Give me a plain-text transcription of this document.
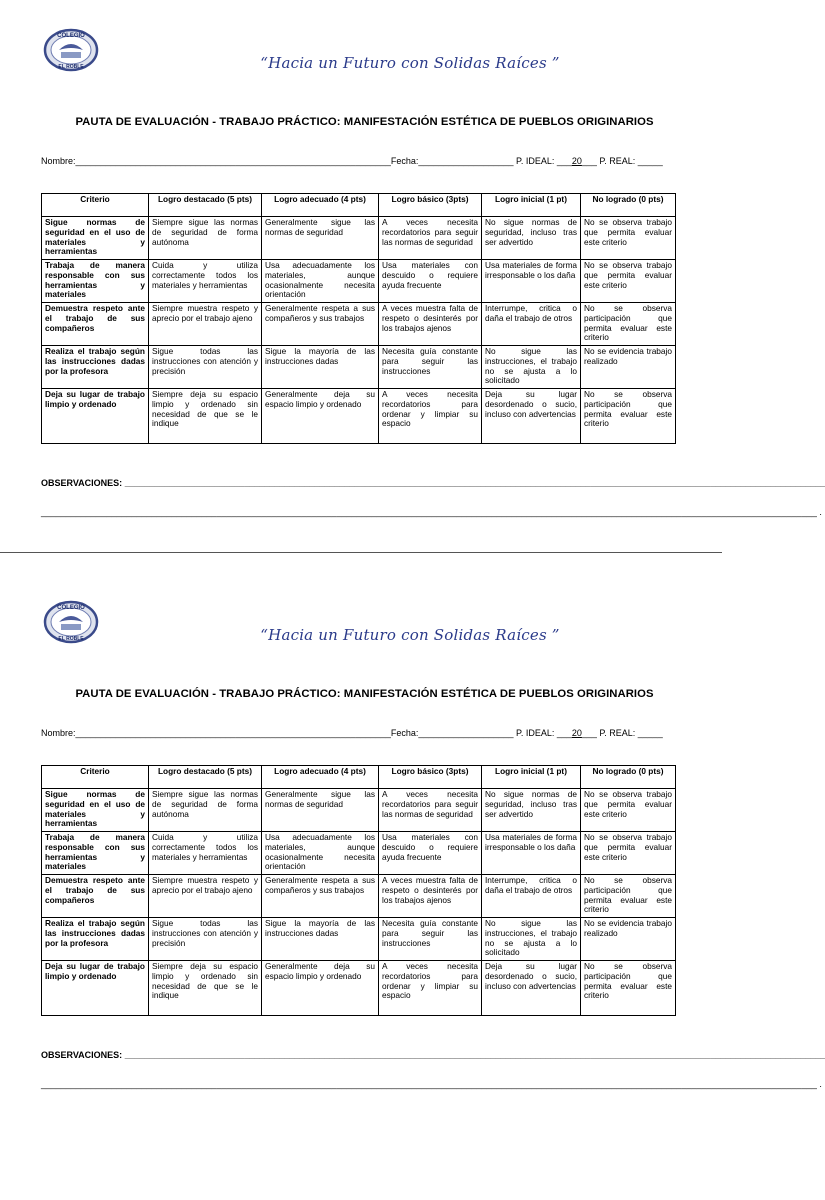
COLEGIO
EL ROBLE	“Hacia un Futuro con Solidas Raíces ”
PAUTA DE EVALUACIÓN - TRABAJO PRÁCTICO: MANIFESTACIÓN ESTÉTICA DE PUEBLOS ORIGINARIOS
Nombre:_______________________________________________________________Fecha:___________________ P. IDEAL: ___20___ P. REAL: _____
Criterio	Logro destacado (5 pts)	Logro adecuado (4 pts)	Logro básico (3pts)	Logro inicial (1 pt)	No logrado (0 pts)
Sigue normas de seguridad en el uso de materiales y herramientas	Siempre sigue las normas de seguridad de forma autónoma	Generalmente sigue las normas de seguridad	A veces necesita recordatorios para seguir las normas de seguridad	No sigue normas de seguridad, incluso tras ser advertido	No se observa trabajo que permita evaluar este criterio
Trabaja de manera responsable con sus herramientas y materiales	Cuida y utiliza correctamente todos los materiales y herramientas	Usa adecuadamente los materiales, aunque ocasionalmente necesita orientación	Usa materiales con descuido o requiere ayuda frecuente	Usa materiales de forma irresponsable o los daña	No se observa trabajo que permita evaluar este criterio
Demuestra respeto ante el trabajo de sus compañeros	Siempre muestra respeto y aprecio por el trabajo ajeno	Generalmente respeta a sus compañeros y sus trabajos	A veces muestra falta de respeto o desinterés por los trabajos ajenos	Interrumpe, critica o daña el trabajo de otros	No se observa participación que permita evaluar este criterio
Realiza el trabajo según las instrucciones dadas por la profesora	Sigue todas las instrucciones con atención y precisión	Sigue la mayoría de las instrucciones dadas	Necesita guía constante para seguir las instrucciones	No sigue las instrucciones, el trabajo no se ajusta a lo solicitado	No se evidencia trabajo realizado
Deja su lugar de trabajo limpio y ordenado	Siempre deja su espacio limpio y ordenado sin necesidad de que se le indique	Generalmente deja su espacio limpio y ordenado	A veces necesita recordatorios para ordenar y limpiar su espacio	Deja su lugar desordenado o sucio, incluso con advertencias	No se observa participación que permita evaluar este criterio
OBSERVACIONES: ____________________________________________________________________________________________________________________________________________
___________________________________________________________________________________________________________________________________________________________ .
COLEGIO
EL ROBLE	“Hacia un Futuro con Solidas Raíces ”
PAUTA DE EVALUACIÓN - TRABAJO PRÁCTICO: MANIFESTACIÓN ESTÉTICA DE PUEBLOS ORIGINARIOS
Nombre:_______________________________________________________________Fecha:___________________ P. IDEAL: ___20___ P. REAL: _____
Criterio	Logro destacado (5 pts)	Logro adecuado (4 pts)	Logro básico (3pts)	Logro inicial (1 pt)	No logrado (0 pts)
Sigue normas de seguridad en el uso de materiales y herramientas	Siempre sigue las normas de seguridad de forma autónoma	Generalmente sigue las normas de seguridad	A veces necesita recordatorios para seguir las normas de seguridad	No sigue normas de seguridad, incluso tras ser advertido	No se observa trabajo que permita evaluar este criterio
Trabaja de manera responsable con sus herramientas y materiales	Cuida y utiliza correctamente todos los materiales y herramientas	Usa adecuadamente los materiales, aunque ocasionalmente necesita orientación	Usa materiales con descuido o requiere ayuda frecuente	Usa materiales de forma irresponsable o los daña	No se observa trabajo que permita evaluar este criterio
Demuestra respeto ante el trabajo de sus compañeros	Siempre muestra respeto y aprecio por el trabajo ajeno	Generalmente respeta a sus compañeros y sus trabajos	A veces muestra falta de respeto o desinterés por los trabajos ajenos	Interrumpe, critica o daña el trabajo de otros	No se observa participación que permita evaluar este criterio
Realiza el trabajo según las instrucciones dadas por la profesora	Sigue todas las instrucciones con atención y precisión	Sigue la mayoría de las instrucciones dadas	Necesita guía constante para seguir las instrucciones	No sigue las instrucciones, el trabajo no se ajusta a lo solicitado	No se evidencia trabajo realizado
Deja su lugar de trabajo limpio y ordenado	Siempre deja su espacio limpio y ordenado sin necesidad de que se le indique	Generalmente deja su espacio limpio y ordenado	A veces necesita recordatorios para ordenar y limpiar su espacio	Deja su lugar desordenado o sucio, incluso con advertencias	No se observa participación que permita evaluar este criterio
OBSERVACIONES: ____________________________________________________________________________________________________________________________________________
___________________________________________________________________________________________________________________________________________________________ .
